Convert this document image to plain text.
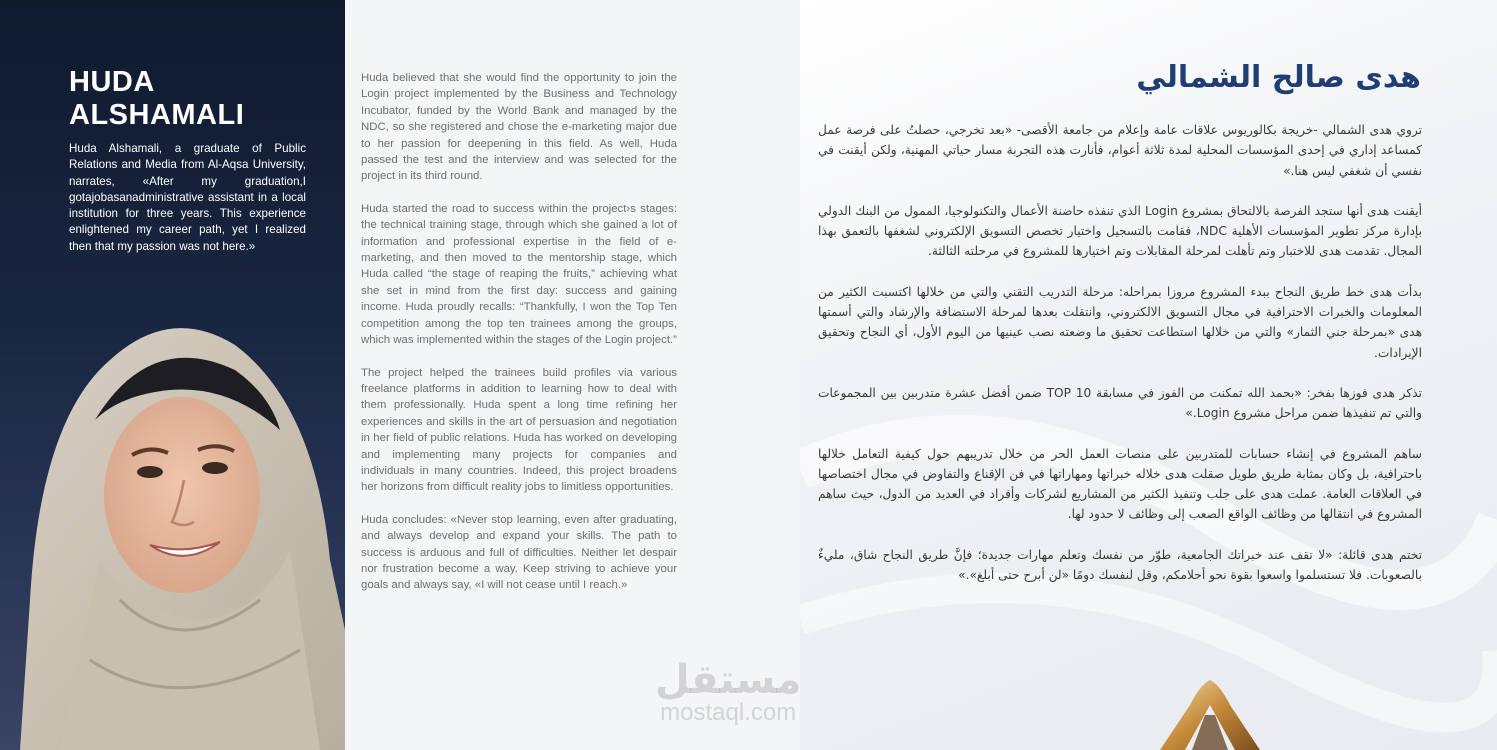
HUDA
ALSHAMALI
Huda Alshamali, a graduate of Public Relations and Media from Al-Aqsa University, narrates, «After my graduation,I gotajobasanadministrative assistant in a local institution for three years. This experience enlightened my career path, yet I realized then that my passion was not here.»

Huda believed that she would find the opportunity to join the Login project implemented by the Business and Technology Incubator, funded by the World Bank and managed by the NDC, so she registered and chose the e-marketing major due to her passion for deepening in this field. As well, Huda passed the test and the interview and was selected for the project in its third round.

Huda started the road to success within the project›s stages: the technical training stage, through which she gained a lot of information and professional expertise in the field of e-marketing, and then moved to the mentorship stage, which Huda called “the stage of reaping the fruits,” achieving what she set in mind from the first day: success and gaining income. Huda proudly recalls: “Thankfully, I won the Top Ten competition among the top ten trainees among the groups, which was implemented within the stages of the Login project.”

The project helped the trainees build profiles via various freelance platforms in addition to learning how to deal with them professionally. Huda spent a long time refining her experiences and skills in the art of persuasion and negotiation in her field of public relations. Huda has worked on developing and implementing many projects for companies and individuals in many countries. Indeed, this project broadens her horizons from difficult reality jobs to limitless opportunities.

Huda concludes: «Never stop learning, even after graduating, and always develop and expand your skills. The path to success is arduous and full of difficulties. Neither let despair nor frustration become a way. Keep striving to achieve your goals and always say, «I will not cease until I reach.»

هدى صالح الشمالي

تروي هدى الشمالي -خريجة بكالوريوس علاقات عامة وإعلام من جامعة الأقصى- «بعد تخرجي، حصلتُ على فرصة عمل كمساعد إداري في إحدى المؤسسات المحلية لمدة ثلاثة أعوام، فأنارت هذه التجربة مسار حياتي المهنية، ولكن أيقنت في نفسي أن شغفي ليس هنا.»

أيقنت هدى أنها ستجد الفرصة بالالتحاق بمشروع Login الذي تنفذه حاضنة الأعمال والتكنولوجيا، الممول من البنك الدولي بإدارة مركز تطوير المؤسسات الأهلية NDC، فقامت بالتسجيل واختيار تخصص التسويق الإلكتروني لشغفها بالتعمق بهذا المجال. تقدمت هدى للاختبار وتم تأهلت لمرحلة المقابلات وتم اختيارها للمشروع في مرحلته الثالثة.

بدأت هدى خط طريق النجاح ببدء المشروع مروزا بمراحله: مرحلة التدريب التقني والتي من خلالها اكتسبت الكثير من المعلومات والخبرات الاحترافية في مجال التسويق الالكتروني، وانتقلت بعدها لمرحلة الاستضافة والإرشاد والتي أسمتها هدى «بمرحلة جني الثمار» والتي من خلالها استطاعت تحقيق ما وضعته نصب عينيها من اليوم الأول، أي النجاح وتحقيق الإيرادات.

تذكر هدى فوزها بفخر: «بحمد الله تمكنت من الفوز في مسابقة TOP 10 ضمن أفضل عشرة متدربين بين المجموعات والتي تم تنفيذها ضمن مراحل مشروع Login.»

ساهم المشروع في إنشاء حسابات للمتدربين على منصات العمل الحر من خلال تدريبهم حول كيفية التعامل خلالها باحترافية، بل وكان بمثابة طريق طويل صقلت هدى خلاله خبراتها ومهاراتها في فن الإقناع والتفاوض في مجال اختصاصها في العلاقات العامة. عملت هدى على جلب وتنفيذ الكثير من المشاريع لشركات وأفراد في العديد من الدول، حيث ساهم المشروع في انتقالها من وظائف الواقع الصعب إلى وظائف لا حدود لها.

تختم هدى قائلة: «لا تقف عند خبراتك الجامعية، طوّر من نفسك وتعلم مهارات جديدة؛ فإنَّ طريق النجاح شاق، مليءٌ بالصعوبات. فلا تستسلموا واسعوا بقوة نحو أحلامكم، وقل لنفسك دومًا «لن أبرح حتى أبلغ».»

مستقل
mostaql.com
